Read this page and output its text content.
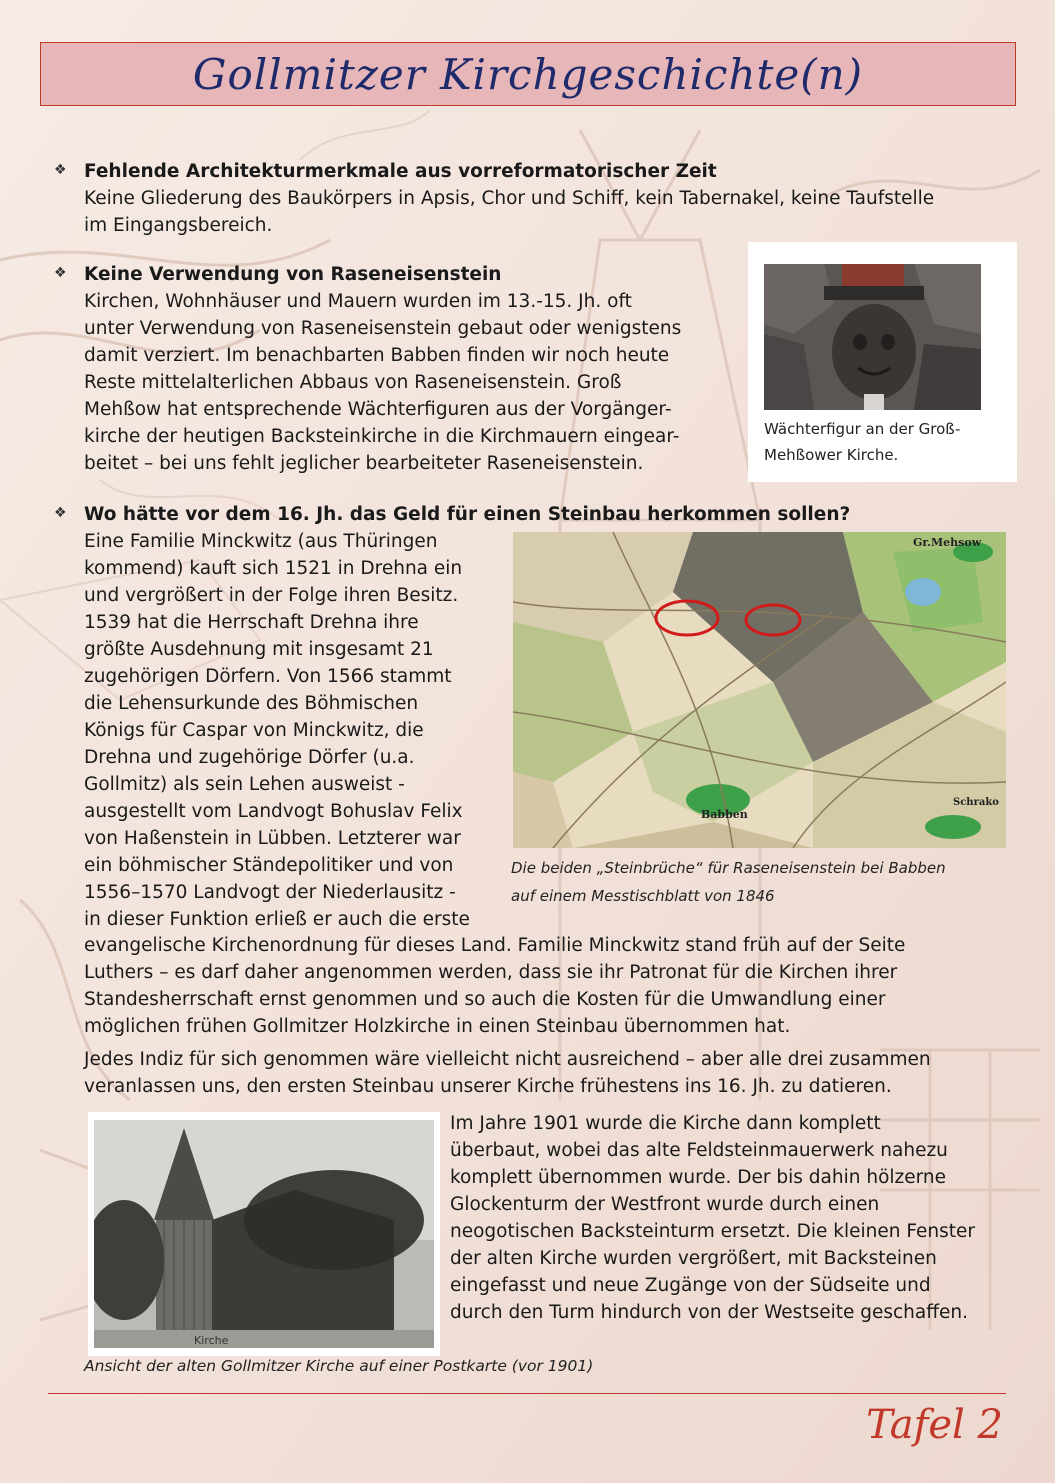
Gollmitzer Kirchgeschichte(n)
❖ Fehlende Architekturmerkmale aus vorreformatorischer Zeit
Keine Gliederung des Baukörpers in Apsis, Chor und Schiff, kein Tabernakel, keine Taufstelle
im Eingangsbereich.
❖ Keine Verwendung von Raseneisenstein
Kirchen, Wohnhäuser und Mauern wurden im 13.-15. Jh. oft
unter Verwendung von Raseneisenstein gebaut oder wenigstens
damit verziert. Im benachbarten Babben finden wir noch heute
Reste mittelalterlichen Abbaus von Raseneisenstein. Groß
Mehßow hat entsprechende Wächterfiguren aus der Vorgänger-
kirche der heutigen Backsteinkirche in die Kirchmauern eingear-
beitet – bei uns fehlt jeglicher bearbeiteter Raseneisenstein.
Wächterfigur an der Groß-
Mehßower Kirche.
❖ Wo hätte vor dem 16. Jh. das Geld für einen Steinbau herkommen sollen?
Eine Familie Minckwitz (aus Thüringen
kommend) kauft sich 1521 in Drehna ein
und vergrößert in der Folge ihren Besitz.
1539 hat die Herrschaft Drehna ihre
größte Ausdehnung mit insgesamt 21
zugehörigen Dörfern. Von 1566 stammt
die Lehensurkunde des Böhmischen
Königs für Caspar von Minckwitz, die
Drehna und zugehörige Dörfer (u.a.
Gollmitz) als sein Lehen ausweist -
ausgestellt vom Landvogt Bohuslav Felix
von Haßenstein in Lübben. Letzterer war
ein böhmischer Ständepolitiker und von
1556–1570 Landvogt der Niederlausitz -
in dieser Funktion erließ er auch die erste
evangelische Kirchenordnung für dieses Land. Familie Minckwitz stand früh auf der Seite
Luthers – es darf daher angenommen werden, dass sie ihr Patronat für die Kirchen ihrer
Standesherrschaft ernst genommen und so auch die Kosten für die Umwandlung einer
möglichen frühen Gollmitzer Holzkirche in einen Steinbau übernommen hat.
Gr.Mehsow
Babben
Schrako
Die beiden „Steinbrüche“ für Raseneisenstein bei Babben
auf einem Messtischblatt von 1846
Jedes Indiz für sich genommen wäre vielleicht nicht ausreichend – aber alle drei zusammen
veranlassen uns, den ersten Steinbau unserer Kirche frühestens ins 16. Jh. zu datieren.
Kirche
Im Jahre 1901 wurde die Kirche dann komplett
überbaut, wobei das alte Feldsteinmauerwerk nahezu
komplett übernommen wurde. Der bis dahin hölzerne
Glockenturm der Westfront wurde durch einen
neogotischen Backsteinturm ersetzt. Die kleinen Fenster
der alten Kirche wurden vergrößert, mit Backsteinen
eingefasst und neue Zugänge von der Südseite und
durch den Turm hindurch von der Westseite geschaffen.
Ansicht der alten Gollmitzer Kirche auf einer Postkarte (vor 1901)
Tafel 2
